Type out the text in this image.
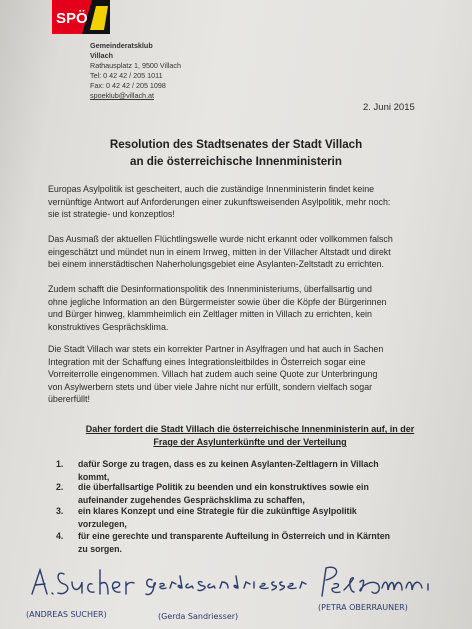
SPÖ
Gemeinderatsklub
Villach
Rathausplatz 1, 9500 Villach
Tel: 0 42 42 / 205 1011
Fax: 0 42 42 / 205 1098
spoeklub@villach.at
2. Juni 2015
Resolution des Stadtsenates der Stadt Villach
an die österreichische Innenministerin
Europas Asylpolitik ist gescheitert, auch die zuständige Innenministerin findet keine
vernünftige Antwort auf Anforderungen einer zukunftsweisenden Asylpolitik, mehr noch:
sie ist strategie- und konzeptlos!
Das Ausmaß der aktuellen Flüchtlingswelle wurde nicht erkannt oder vollkommen falsch
eingeschätzt und mündet nun in einem Irrweg, mitten in der Villacher Altstadt und direkt
bei einem innerstädtischen Naherholungsgebiet eine Asylanten-Zeltstadt zu errichten.
Zudem schafft die Desinformationspolitik des Innenministeriums, überfallsartig und
ohne jegliche Information an den Bürgermeister sowie über die Köpfe der Bürgerinnen
und Bürger hinweg, klammheimlich ein Zeltlager mitten in Villach zu errichten, kein
konstruktives Gesprächsklima.
Die Stadt Villach war stets ein korrekter Partner in Asylfragen und hat auch in Sachen
Integration mit der Schaffung eines Integrationsleitbildes in Österreich sogar eine
Vorreiterrolle eingenommen. Villach hat zudem auch seine Quote zur Unterbringung
von Asylwerbern stets und über viele Jahre nicht nur erfüllt, sondern vielfach sogar
übererfüllt!
Daher fordert die Stadt Villach die österreichische Innenministerin auf, in der
Frage der Asylunterkünfte und der Verteilung
1. dafür Sorge zu tragen, dass es zu keinen Asylanten-Zeltlagern in Villach
kommt,
2. die überfallsartige Politik zu beenden und ein konstruktives sowie ein
aufeinander zugehendes Gesprächsklima zu schaffen,
3. ein klares Konzept und eine Strategie für die zukünftige Asylpolitik
vorzulegen,
4. für eine gerechte und transparente Aufteilung in Österreich und in Kärnten
zu sorgen.
(ANDREAS SUCHER)	(Gerda Sandriesser)
(PETRA OBERRAUNER)
